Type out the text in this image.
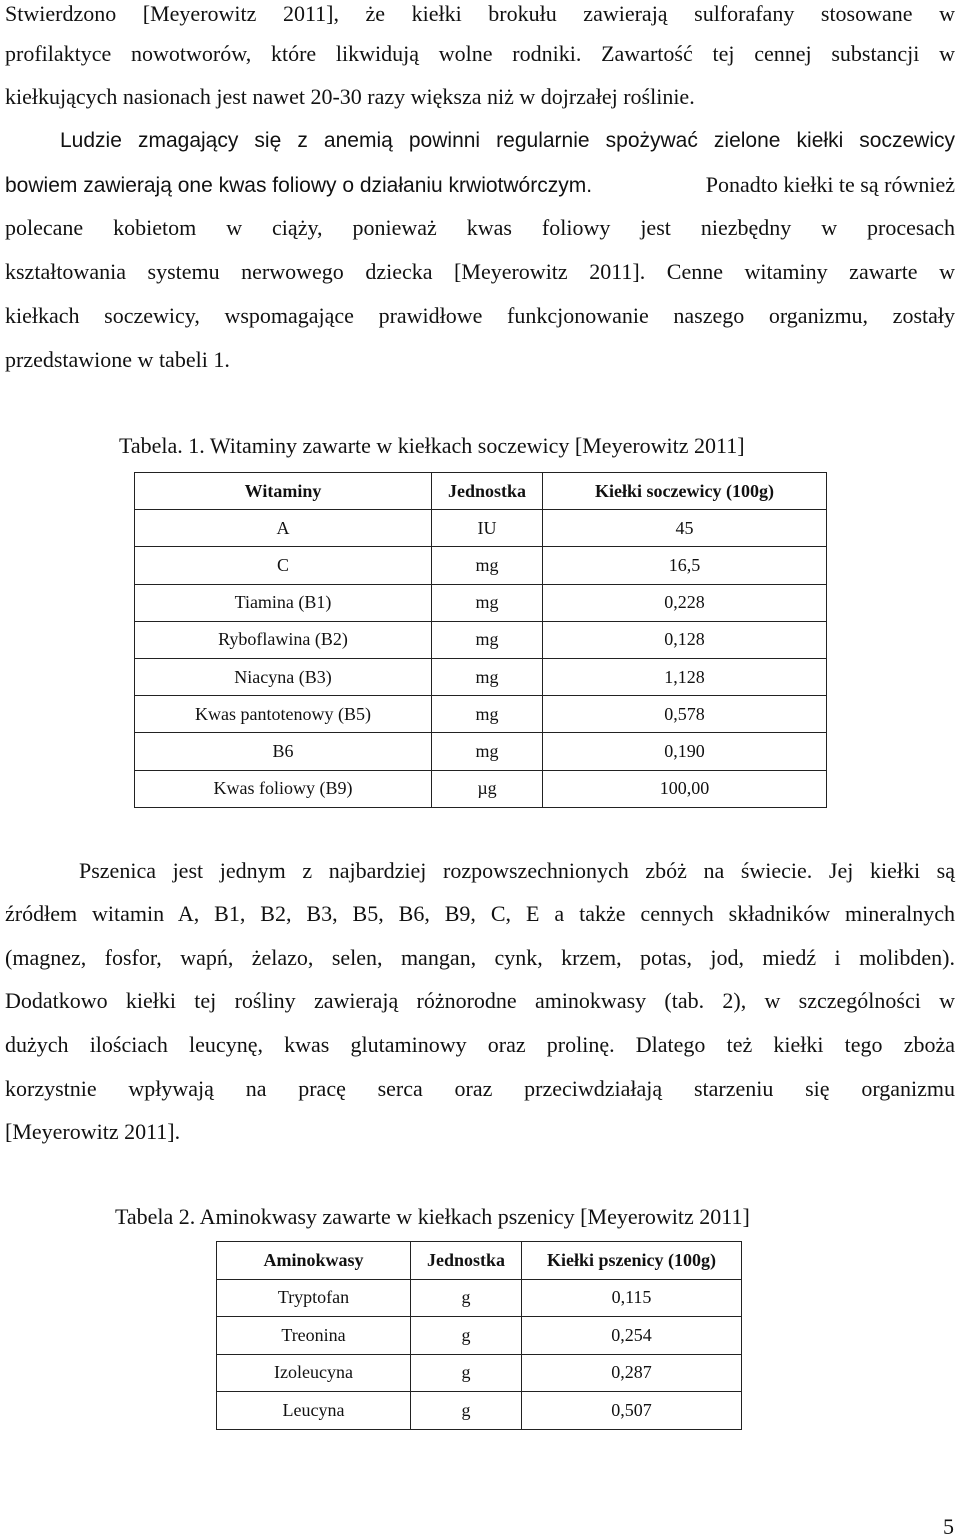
Stwierdzono [Meyerowitz 2011], że kiełki brokułu zawierają sulforafany stosowane w
profilaktyce nowotworów, które likwidują wolne rodniki. Zawartość tej cennej substancji w
kiełkujących nasionach jest nawet 20-30 razy większa niż w dojrzałej roślinie.
Ludzie zmagający się z anemią powinni regularnie spożywać zielone kiełki soczewicy
bowiem zawierają one kwas foliowy o działaniu krwiotwórczym.	Ponadto kiełki te są również
polecane kobietom w ciąży, ponieważ kwas foliowy jest niezbędny w procesach
kształtowania systemu nerwowego dziecka [Meyerowitz 2011]. Cenne witaminy zawarte w
kiełkach soczewicy, wspomagające prawidłowe funkcjonowanie naszego organizmu, zostały
przedstawione w tabeli 1.
Tabela. 1. Witaminy zawarte w kiełkach soczewicy [Meyerowitz 2011]
Witaminy	Jednostka	Kiełki soczewicy (100g)
A	IU	45
C	mg	16,5
Tiamina (B1)	mg	0,228
Ryboflawina (B2)	mg	0,128
Niacyna (B3)	mg	1,128
Kwas pantotenowy (B5)	mg	0,578
B6	mg	0,190
Kwas foliowy (B9)	µg	100,00
Pszenica jest jednym z najbardziej rozpowszechnionych zbóż na świecie. Jej kiełki są
źródłem witamin A, B1, B2, B3, B5, B6, B9, C, E a także cennych składników mineralnych
(magnez, fosfor, wapń, żelazo, selen, mangan, cynk, krzem, potas, jod, miedź i molibden).
Dodatkowo kiełki tej rośliny zawierają różnorodne aminokwasy (tab. 2), w szczególności w
dużych ilościach leucynę, kwas glutaminowy oraz prolinę. Dlatego też kiełki tego zboża
korzystnie wpływają na pracę serca oraz przeciwdziałają starzeniu się organizmu
[Meyerowitz 2011].
Tabela 2. Aminokwasy zawarte w kiełkach pszenicy [Meyerowitz 2011]
Aminokwasy	Jednostka	Kiełki pszenicy (100g)
Tryptofan	g	0,115
Treonina	g	0,254
Izoleucyna	g	0,287
Leucyna	g	0,507
5
